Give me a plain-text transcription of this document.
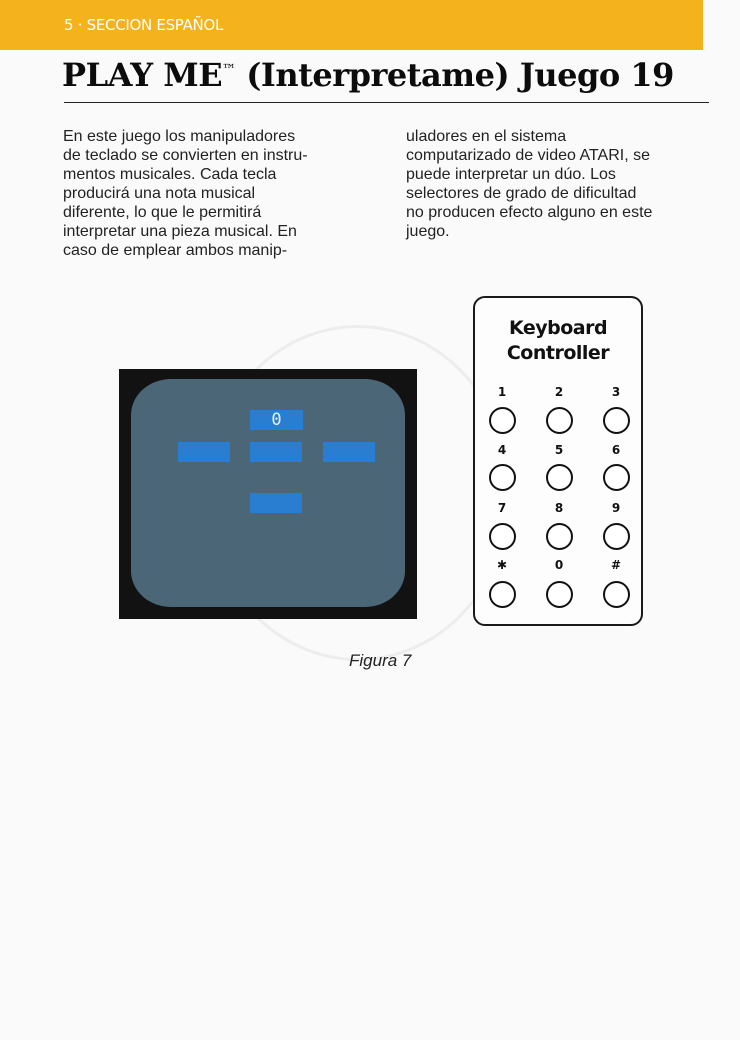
5 · SECCION ESPAÑOL
PLAY ME™ (Interpretame) Juego 19
En este juego los manipuladores
de teclado se convierten en instru-
mentos musicales. Cada tecla
producirá una nota musical
diferente, lo que le permitirá
interpretar una pieza musical. En
caso de emplear ambos manip-
uladores en el sistema
computarizado de video ATARI, se
puede interpretar un dúo. Los
selectores de grado de dificultad
no producen efecto alguno en este
juego.
0
Keyboard
Controller
1	2	3
4	5	6
7	8	9
✱	0	#
Figura 7
